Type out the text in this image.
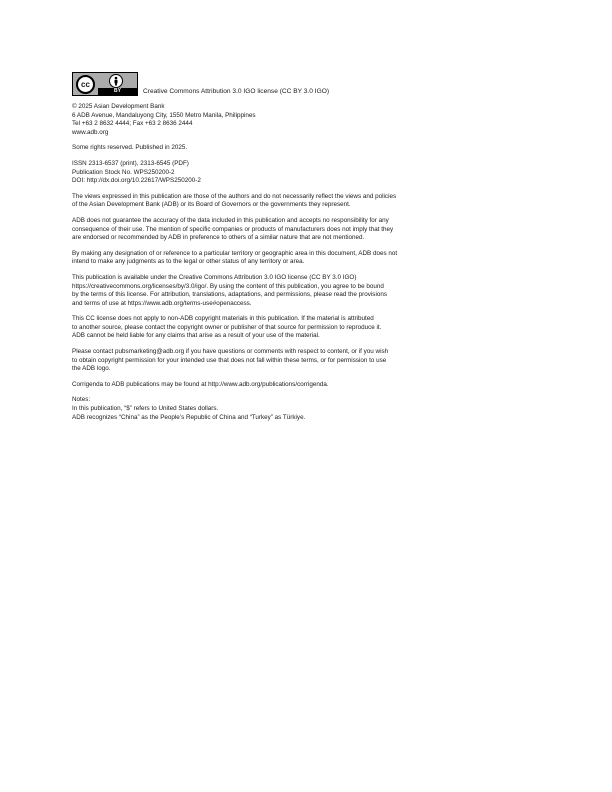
cc
BY	Creative Commons Attribution 3.0 IGO license (CC BY 3.0 IGO)

© 2025 Asian Development Bank
6 ADB Avenue, Mandaluyong City, 1550 Metro Manila, Philippines
Tel +63 2 8632 4444; Fax +63 2 8636 2444
www.adb.org

Some rights reserved. Published in 2025.

ISSN 2313-6537 (print), 2313-6545 (PDF)
Publication Stock No. WPS250200-2
DOI: http://dx.doi.org/10.22617/WPS250200-2

The views expressed in this publication are those of the authors and do not necessarily reflect the views and policies
of the Asian Development Bank (ADB) or its Board of Governors or the governments they represent.

ADB does not guarantee the accuracy of the data included in this publication and accepts no responsibility for any
consequence of their use. The mention of specific companies or products of manufacturers does not imply that they
are endorsed or recommended by ADB in preference to others of a similar nature that are not mentioned.

By making any designation of or reference to a particular territory or geographic area in this document, ADB does not
intend to make any judgments as to the legal or other status of any territory or area.

This publication is available under the Creative Commons Attribution 3.0 IGO license (CC BY 3.0 IGO)
https://creativecommons.org/licenses/by/3.0/igo/. By using the content of this publication, you agree to be bound
by the terms of this license. For attribution, translations, adaptations, and permissions, please read the provisions
and terms of use at https://www.adb.org/terms-use#openaccess.

This CC license does not apply to non-ADB copyright materials in this publication. If the material is attributed
to another source, please contact the copyright owner or publisher of that source for permission to reproduce it.
ADB cannot be held liable for any claims that arise as a result of your use of the material.

Please contact pubsmarketing@adb.org if you have questions or comments with respect to content, or if you wish
to obtain copyright permission for your intended use that does not fall within these terms, or for permission to use
the ADB logo.

Corrigenda to ADB publications may be found at http://www.adb.org/publications/corrigenda.

Notes:
In this publication, “$” refers to United States dollars.
ADB recognizes “China” as the People’s Republic of China and “Turkey” as Türkiye.
